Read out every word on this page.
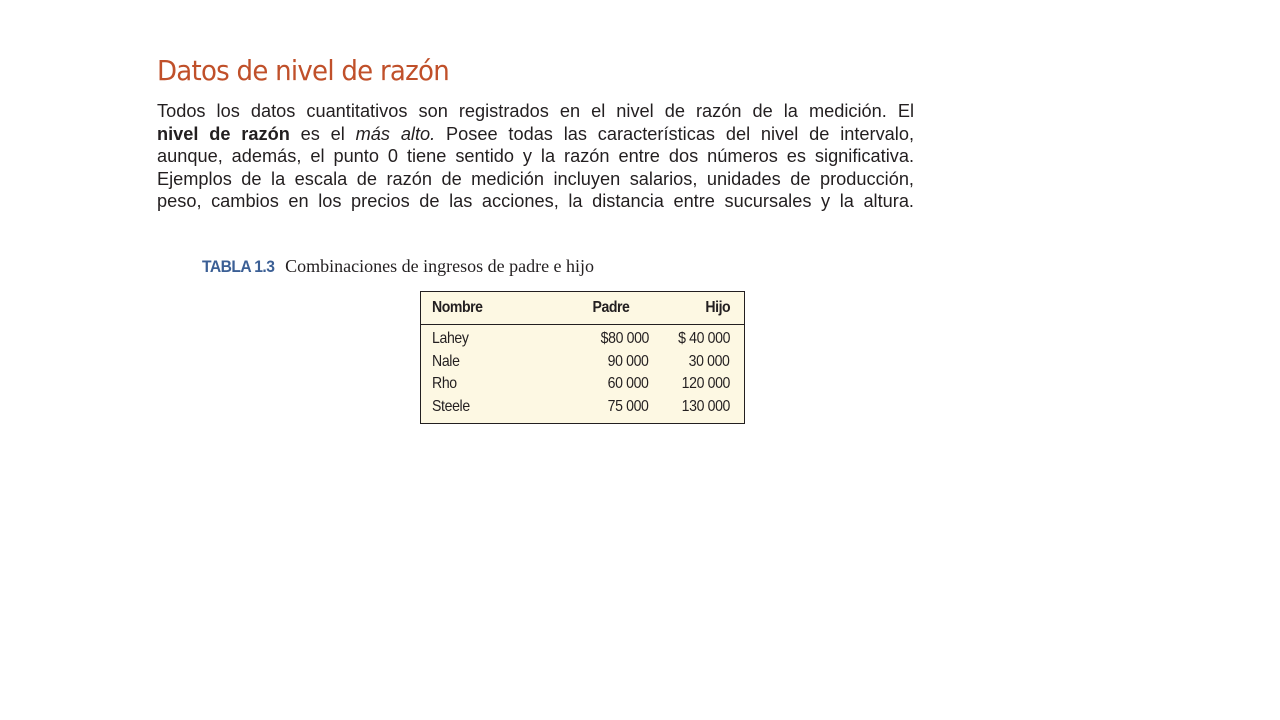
Datos de nivel de razón
Todos los datos cuantitativos son registrados en el nivel de razón de la medición. El
nivel de razón es el más alto. Posee todas las características del nivel de intervalo,
aunque, además, el punto 0 tiene sentido y la razón entre dos números es significativa.
Ejemplos de la escala de razón de medición incluyen salarios, unidades de producción,
peso, cambios en los precios de las acciones, la distancia entre sucursales y la altura.
TABLA 1.3 Combinaciones de ingresos de padre e hijo
Nombre	Padre	Hijo
Lahey	$80 000	$ 40 000
Nale	90 000	30 000
Rho	60 000	120 000
Steele	75 000	130 000
